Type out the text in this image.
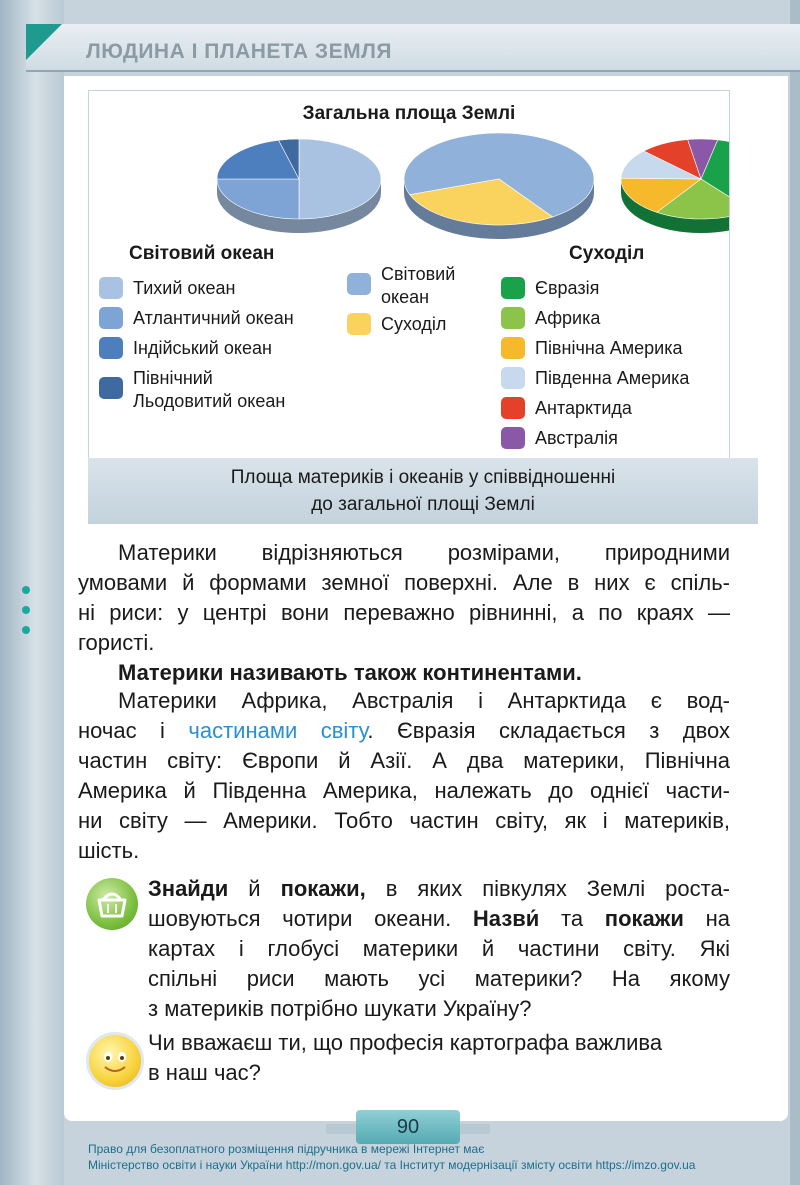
ЛЮДИНА І ПЛАНЕТА ЗЕМЛЯ
Загальна площа Землі
Світовий океан
Тихий океан
Атлантичний океан
Індійський океан
Північний
Льодовитий океан
Світовий
океан
Суходіл
Суходіл
Євразія
Африка
Північна Америка
Південна Америка
Антарктида
Австралія
Площа материків і океанів у співвідношенні
до загальної площі Землі
Материки відрізняються розмірами, природними
умовами й формами земної поверхні. Але в них є спіль-
ні риси: у центрі вони переважно рівнинні, а по краях —
гористі.
Материки називають також континентами.
Материки Африка, Австралія і Антарктида є вод-
ночас і частинами світу. Євразія складається з двох
частин світу: Європи й Азії. А два материки, Північна
Америка й Південна Америка, належать до однієї части-
ни світу — Америки. Тобто частин світу, як і материків,
шість.
Знайди й покажи, в яких півкулях Землі роста-
шовуються чотири океани. Назви́ та покажи на
картах і глобусі материки й частини світу. Які
спільні риси мають усі материки? На якому
з материків потрібно шукати Україну?
Чи вважаєш ти, що професія картографа важлива
в наш час?
90
Право для безоплатного розміщення підручника в мережі Інтернет має
Міністерство освіти і науки України http://mon.gov.ua/ та Інститут модернізації змісту освіти https://imzo.gov.ua
